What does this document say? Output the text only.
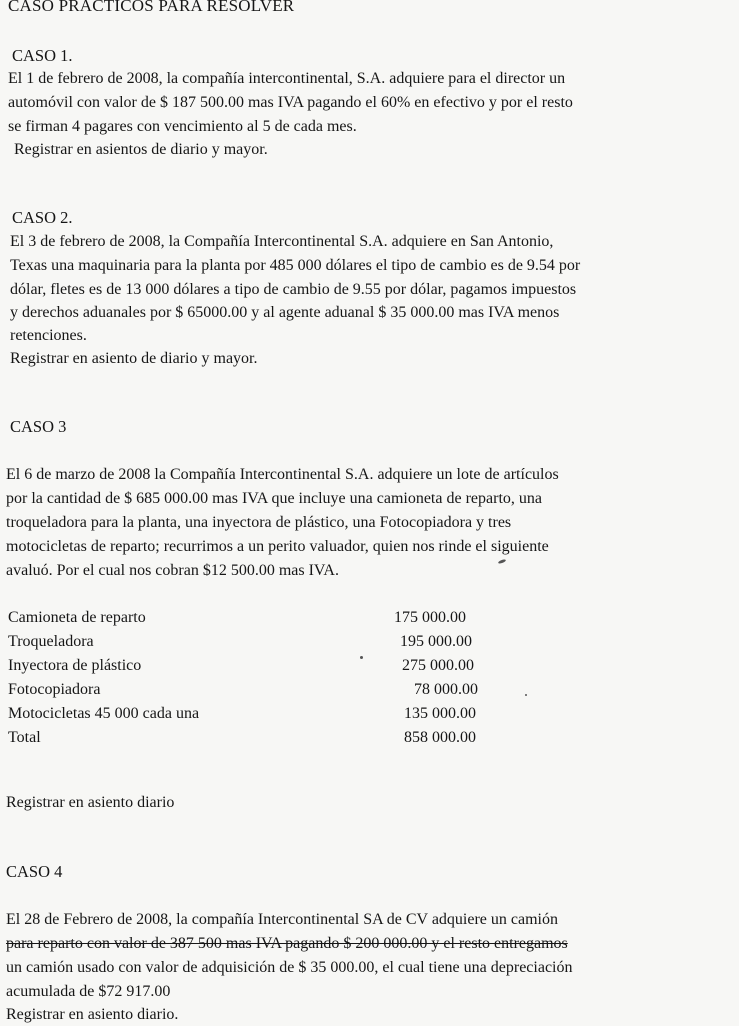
CASO PRACTICOS PARA RESOLVER
CASO 1.
El 1 de febrero de 2008, la compañía intercontinental, S.A. adquiere para el director un
automóvil con valor de $ 187 500.00 mas IVA pagando el 60% en efectivo y por el resto
se firman 4 pagares con vencimiento al 5 de cada mes.
Registrar en asientos de diario y mayor.
CASO 2.
El 3 de febrero de 2008, la Compañía Intercontinental S.A. adquiere en San Antonio,
Texas una maquinaria para la planta por 485 000 dólares el tipo de cambio es de 9.54 por
dólar, fletes es de 13 000 dólares a tipo de cambio de 9.55 por dólar, pagamos impuestos
y derechos aduanales por $ 65000.00 y al agente aduanal $ 35 000.00 mas IVA menos
retenciones.
Registrar en asiento de diario y mayor.
CASO 3
El 6 de marzo de 2008 la Compañía Intercontinental S.A. adquiere un lote de artículos
por la cantidad de $ 685 000.00 mas IVA que incluye una camioneta de reparto, una
troqueladora para la planta, una inyectora de plástico, una Fotocopiadora y tres
motocicletas de reparto; recurrimos a un perito valuador, quien nos rinde el siguiente
avaluó. Por el cual nos cobran $12 500.00 mas IVA.
Camioneta de reparto	175 000.00
Troqueladora	195 000.00
Inyectora de plástico	275 000.00
Fotocopiadora	78 000.00
Motocicletas 45 000 cada una	135 000.00
Total	858 000.00
Registrar en asiento diario
CASO 4
El 28 de Febrero de 2008, la compañía Intercontinental SA de CV adquiere un camión
para reparto con valor de 387 500 mas IVA pagando $ 200 000.00 y el resto entregamos
un camión usado con valor de adquisición de $ 35 000.00, el cual tiene una depreciación
acumulada de $72 917.00
Registrar en asiento diario.
